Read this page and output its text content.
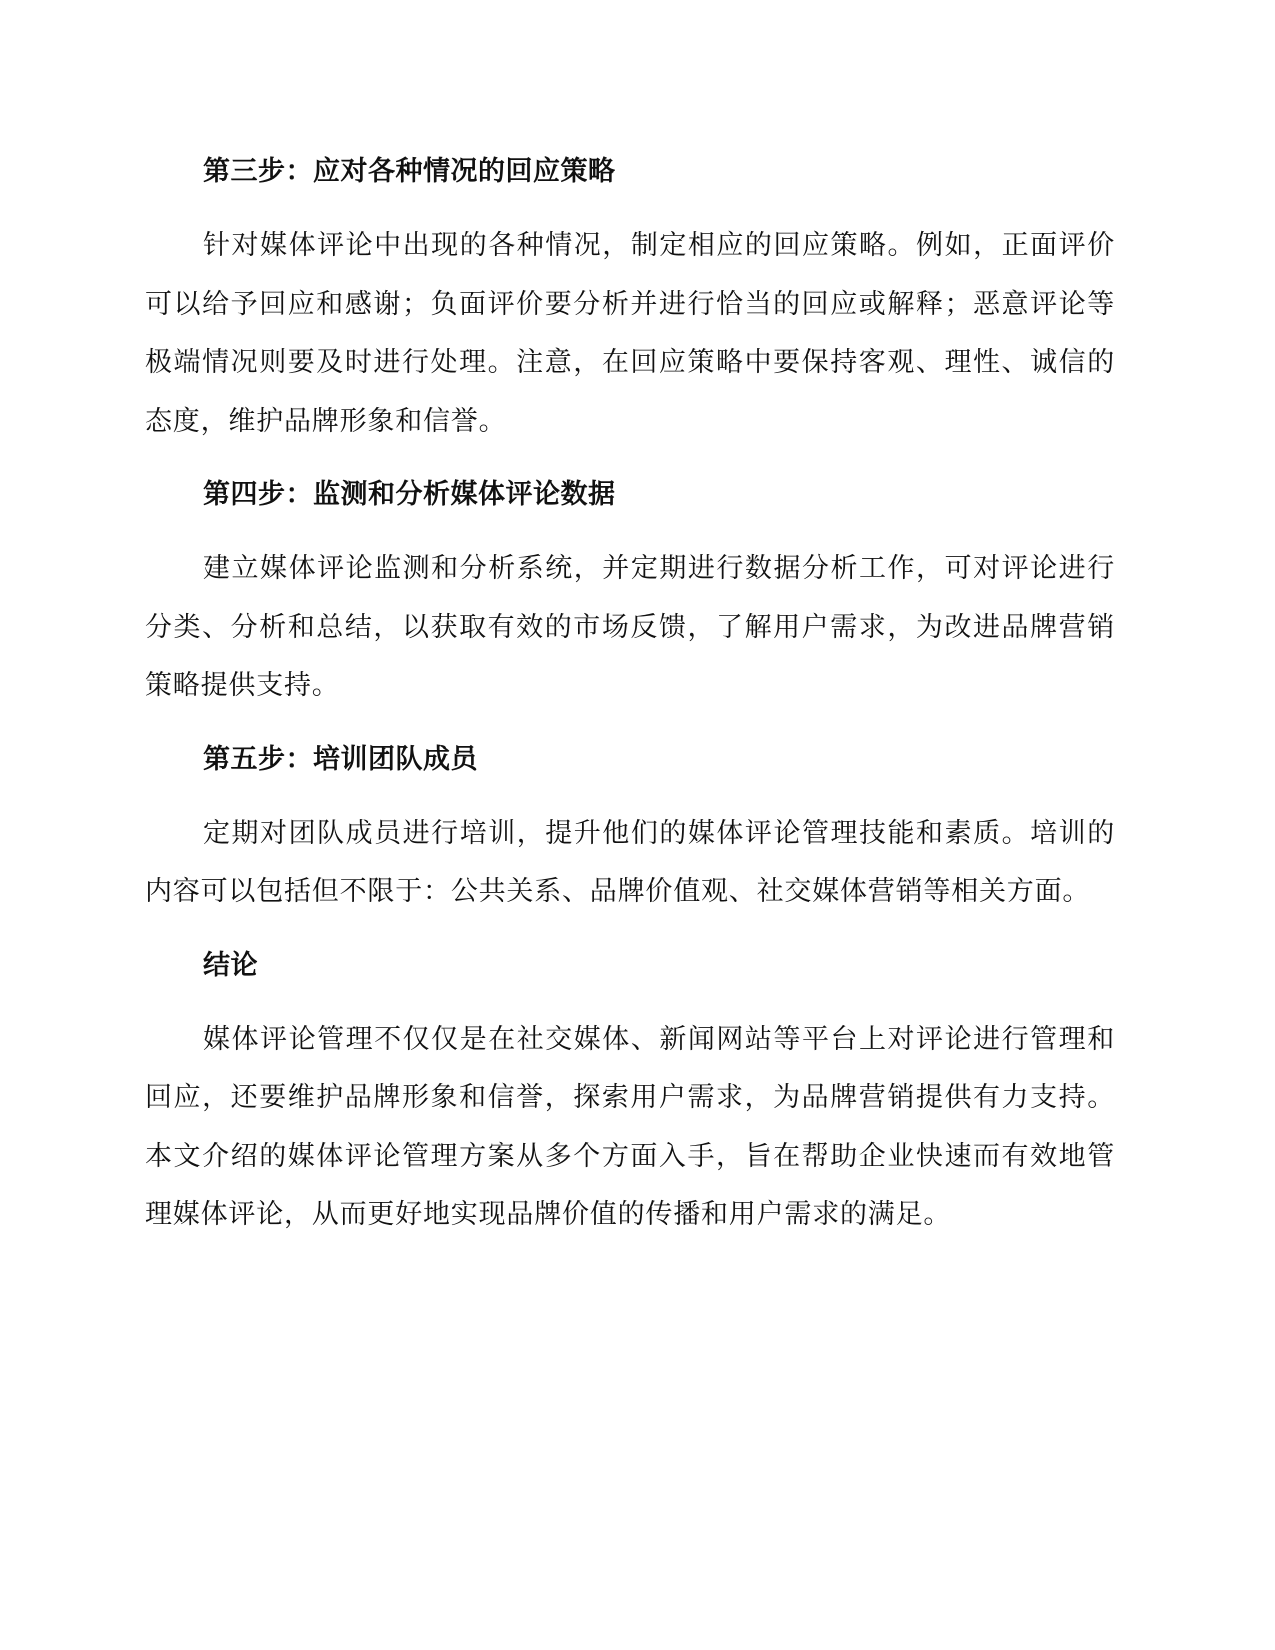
第三步：应对各种情况的回应策略

针对媒体评论中出现的各种情况，制定相应的回应策略。例如，正面评价可以给予回应和感谢；负面评价要分析并进行恰当的回应或解释；恶意评论等极端情况则要及时进行处理。注意，在回应策略中要保持客观、理性、诚信的态度，维护品牌形象和信誉。

第四步：监测和分析媒体评论数据

建立媒体评论监测和分析系统，并定期进行数据分析工作，可对评论进行分类、分析和总结，以获取有效的市场反馈，了解用户需求，为改进品牌营销策略提供支持。

第五步：培训团队成员

定期对团队成员进行培训，提升他们的媒体评论管理技能和素质。培训的内容可以包括但不限于：公共关系、品牌价值观、社交媒体营销等相关方面。

结论

媒体评论管理不仅仅是在社交媒体、新闻网站等平台上对评论进行管理和回应，还要维护品牌形象和信誉，探索用户需求，为品牌营销提供有力支持。本文介绍的媒体评论管理方案从多个方面入手，旨在帮助企业快速而有效地管理媒体评论，从而更好地实现品牌价值的传播和用户需求的满足。
